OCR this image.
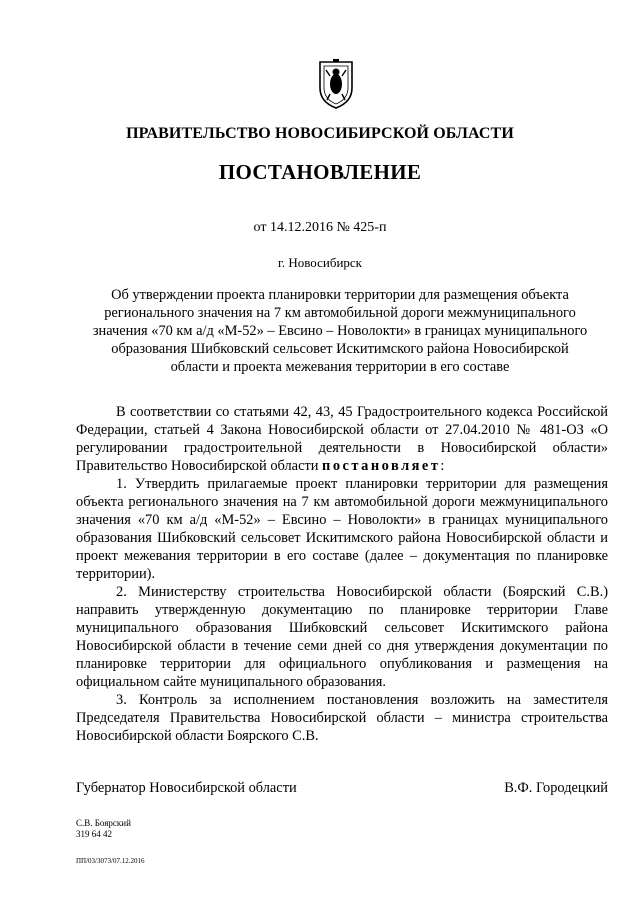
ПРАВИТЕЛЬСТВО НОВОСИБИРСКОЙ ОБЛАСТИ
ПОСТАНОВЛЕНИЕ
от 14.12.2016 № 425-п
г. Новосибирск
Об утверждении проекта планировки территории для размещения объекта регионального значения на 7 км автомобильной дороги межмуниципального значения «70 км а/д «М-52» – Евсино – Новолокти» в границах муниципального образования Шибковский сельсовет Искитимского района Новосибирской области и проекта межевания территории в его составе

В соответствии со статьями 42, 43, 45 Градостроительного кодекса Российской Федерации, статьей 4 Закона Новосибирской области от 27.04.2010 № 481-ОЗ «О регулировании градостроительной деятельности в Новосибирской области» Правительство Новосибирской области постановляет:

1. Утвердить прилагаемые проект планировки территории для размещения объекта регионального значения на 7 км автомобильной дороги межмуниципального значения «70 км а/д «М-52» – Евсино – Новолокти» в границах муниципального образования Шибковский сельсовет Искитимского района Новосибирской области и проект межевания территории в его составе (далее – документация по планировке территории).

2. Министерству строительства Новосибирской области (Боярский С.В.) направить утвержденную документацию по планировке территории Главе муниципального образования Шибковский сельсовет Искитимского района Новосибирской области в течение семи дней со дня утверждения документации по планировке территории для официального опубликования и размещения на официальном сайте муниципального образования.

3. Контроль за исполнением постановления возложить на заместителя Председателя Правительства Новосибирской области – министра строительства Новосибирской области Боярского С.В.

Губернатор Новосибирской области	В.Ф. Городецкий
С.В. Боярский
319 64 42
ПП/03/3073/07.12.2016
